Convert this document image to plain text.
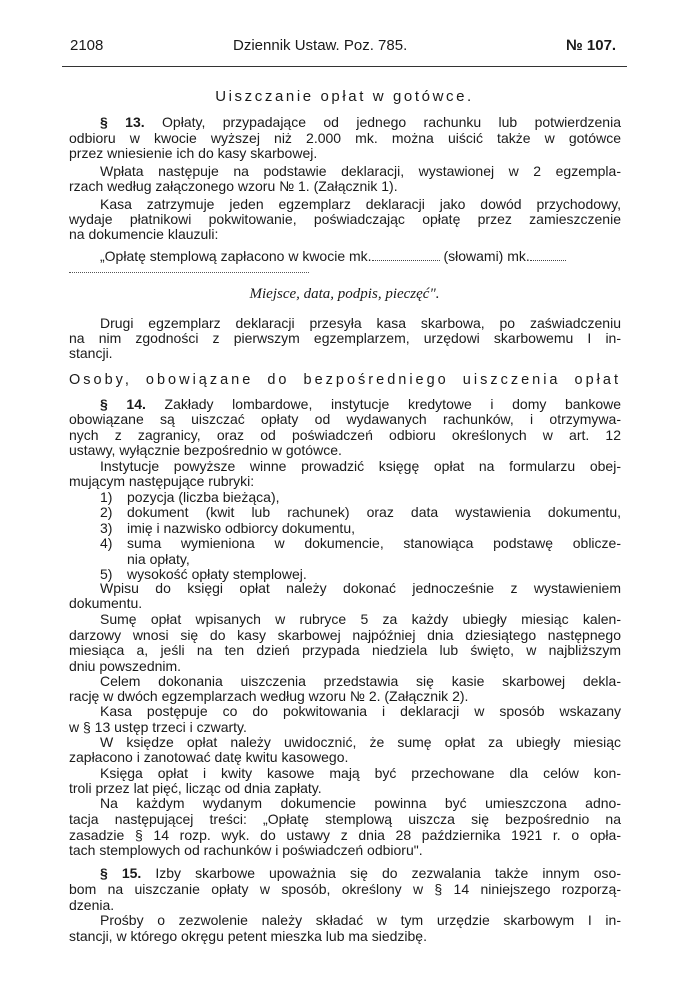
2108	Dziennik Ustaw. Poz. 785.	№ 107.
Uiszczanie opłat w gotówce.
„Opłatę stemplową zapłacono w kwocie mk.	(słowami) mk.
Miejsce, data, podpis, pieczęć".
§ 13. Opłaty, przypadające od jednego rachunku lub potwierdzenia
odbioru w kwocie wyższej niż 2.000 mk. można uiścić także w gotówce
przez wniesienie ich do kasy skarbowej.
Wpłata następuje na podstawie deklaracji, wystawionej w 2 egzempla-
rzach według załączonego wzoru № 1. (Załącznik 1).
Kasa zatrzymuje jeden egzemplarz deklaracji jako dowód przychodowy,
wydaje płatnikowi pokwitowanie, poświadczając opłatę przez zamieszczenie
na dokumencie klauzuli:
Drugi egzemplarz deklaracji przesyła kasa skarbowa, po zaświadczeniu
na nim zgodności z pierwszym egzemplarzem, urzędowi skarbowemu I in-
stancji.
Osoby, obowiązane do bezpośredniego uiszczenia opłat
§ 14. Zakłady lombardowe, instytucje kredytowe i domy bankowe
obowiązane są uiszczać opłaty od wydawanych rachunków, i otrzymywa-
nych z zagranicy, oraz od poświadczeń odbioru określonych w art. 12
ustawy, wyłącznie bezpośrednio w gotówce.
Instytucje powyższe winne prowadzić księgę opłat na formularzu obej-
mującym następujące rubryki:
1) pozycja (liczba bieżąca),
2) dokument (kwit lub rachunek) oraz data wystawienia dokumentu,
3) imię i nazwisko odbiorcy dokumentu,
4) suma wymieniona w dokumencie, stanowiąca podstawę oblicze-
nia opłaty,
5) wysokość opłaty stemplowej.
Wpisu do księgi opłat należy dokonać jednocześnie z wystawieniem
dokumentu.
Sumę opłat wpisanych w rubryce 5 za każdy ubiegły miesiąc kalen-
darzowy wnosi się do kasy skarbowej najpóźniej dnia dziesiątego następnego
miesiąca a, jeśli na ten dzień przypada niedziela lub święto, w najbliższym
dniu powszednim.
Celem dokonania uiszczenia przedstawia się kasie skarbowej dekla-
rację w dwóch egzemplarzach według wzoru № 2. (Załącznik 2).
Kasa postępuje co do pokwitowania i deklaracji w sposób wskazany
w § 13 ustęp trzeci i czwarty.
W księdze opłat należy uwidocznić, że sumę opłat za ubiegły miesiąc
zapłacono i zanotować datę kwitu kasowego.
Księga opłat i kwity kasowe mają być przechowane dla celów kon-
troli przez lat pięć, licząc od dnia zapłaty.
Na każdym wydanym dokumencie powinna być umieszczona adno-
tacja następującej treści: „Opłatę stemplową uiszcza się bezpośrednio na
zasadzie § 14 rozp. wyk. do ustawy z dnia 28 października 1921 r. o opła-
tach stemplowych od rachunków i poświadczeń odbioru".
§ 15. Izby skarbowe upoważnia się do zezwalania także innym oso-
bom na uiszczanie opłaty w sposób, określony w § 14 niniejszego rozporzą-
dzenia.
Prośby o zezwolenie należy składać w tym urzędzie skarbowym I in-
stancji, w którego okręgu petent mieszka lub ma siedzibę.
